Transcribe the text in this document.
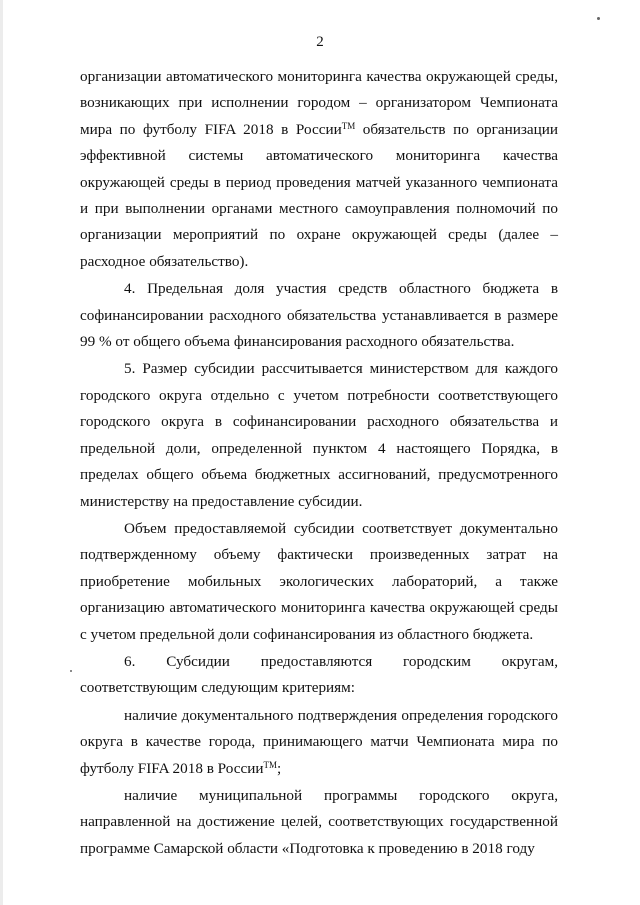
2

организации автоматического мониторинга качества окружающей среды, возникающих при исполнении городом – организатором Чемпионата мира по футболу FIFA 2018 в России™ обязательств по организации эффективной системы автоматического мониторинга качества окружающей среды в период проведения матчей указанного чемпионата и при выполнении органами местного самоуправления полномочий по организации мероприятий по охране окружающей среды (далее – расходное обязательство).

4. Предельная доля участия средств областного бюджета в софинансировании расходного обязательства устанавливается в размере 99 % от общего объема финансирования расходного обязательства.

5. Размер субсидии рассчитывается министерством для каждого городского округа отдельно с учетом потребности соответствующего городского округа в софинансировании расходного обязательства и предельной доли, определенной пунктом 4 настоящего Порядка, в пределах общего объема бюджетных ассигнований, предусмотренного министерству на предоставление субсидии.

Объем предоставляемой субсидии соответствует документально подтвержденному объему фактически произведенных затрат на приобретение мобильных экологических лабораторий, а также организацию автоматического мониторинга качества окружающей среды с учетом предельной доли софинансирования из областного бюджета.

6. Субсидии предоставляются городским округам, соответствующим следующим критериям:

наличие документального подтверждения определения городского округа в качестве города, принимающего матчи Чемпионата мира по футболу FIFA 2018 в России™;

наличие муниципальной программы городского округа, направленной на достижение целей, соответствующих государственной программе Самарской области «Подготовка к проведению в 2018 году
